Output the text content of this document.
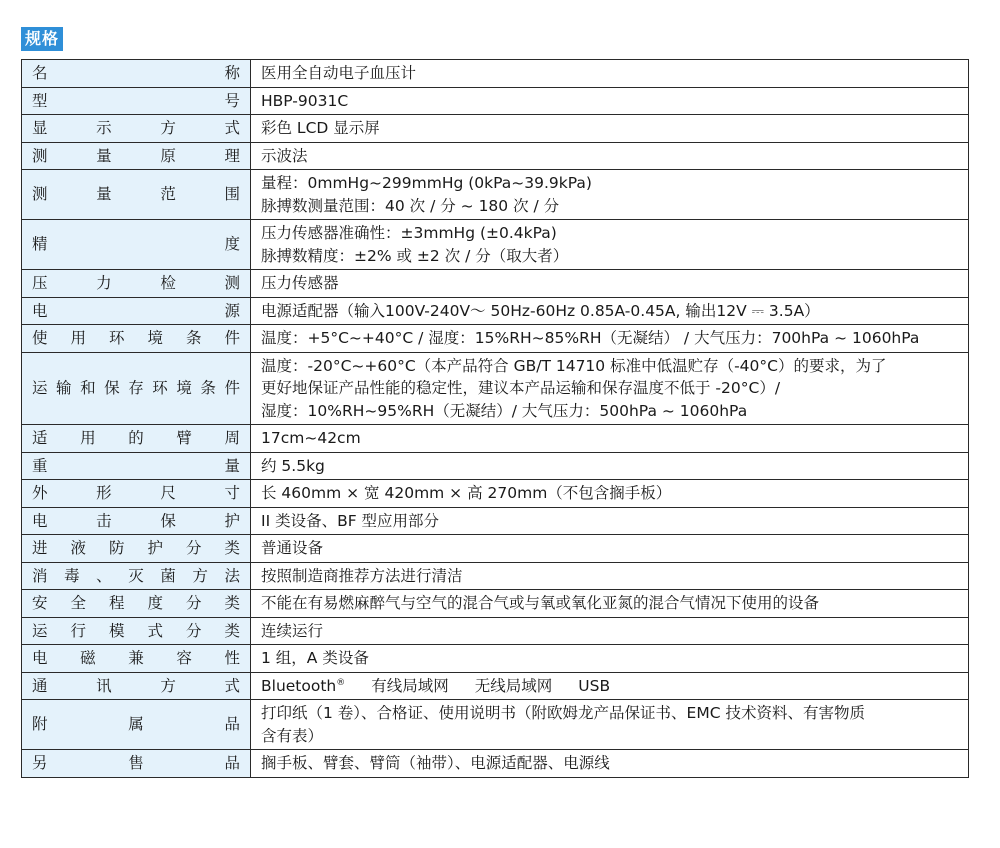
规格
名称	医用全自动电子血压计

型号	HBP-9031C

显示方式	彩色 LCD 显示屏

测量原理	示波法

测量范围	量程：0mmHg~299mmHg (0kPa~39.9kPa)
脉搏数测量范围：40 次 / 分 ~ 180 次 / 分

精度	压力传感器准确性：±3mmHg (±0.4kPa)
脉搏数精度：±2% 或 ±2 次 / 分（取大者）

压力检测	压力传感器

电源	电源适配器（输入100V-240V～ 50Hz-60Hz 0.85A-0.45A, 输出12V ⎓ 3.5A）

使用环境条件	温度：+5°C~+40°C / 湿度：15%RH~85%RH（无凝结） / 大气压力：700hPa ~ 1060hPa

运输和保存环境条件	温度：-20°C~+60°C（本产品符合 GB/T 14710 标准中低温贮存（-40°C）的要求，为了
更好地保证产品性能的稳定性，建议本产品运输和保存温度不低于 -20°C）/
湿度：10%RH~95%RH（无凝结）/ 大气压力：500hPa ~ 1060hPa

适用的臂周	17cm~42cm

重量	约 5.5kg

外形尺寸	长 460mm × 宽 420mm × 高 270mm（不包含搁手板）

电击保护	II 类设备、BF 型应用部分

进液防护分类	普通设备

消毒、灭菌方法	按照制造商推荐方法进行清洁

安全程度分类	不能在有易燃麻醉气与空气的混合气或与氧或氧化亚氮的混合气情况下使用的设备

运行模式分类	连续运行

电磁兼容性	1 组，A 类设备

通讯方式	Bluetooth® 有线局域网 无线局域网 USB
附属品	打印纸（1 卷）、合格证、使用说明书（附欧姆龙产品保证书、EMC 技术资料、有害物质
含有表）

另售品	搁手板、臂套、臂筒（袖带）、电源适配器、电源线
